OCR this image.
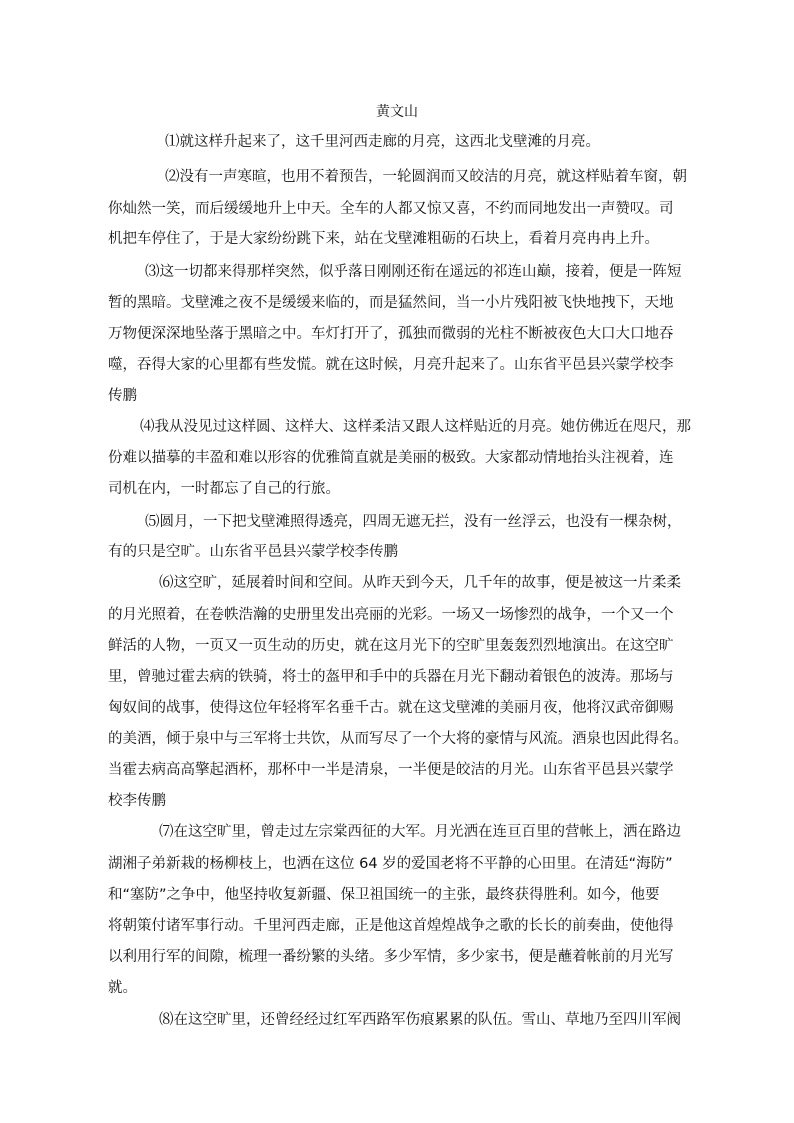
黄文山
⑴就这样升起来了，这千里河西走廊的月亮，这西北戈壁滩的月亮。
⑵没有一声寒暄，也用不着预告，一轮圆润而又皎洁的月亮，就这样贴着车窗，朝
你灿然一笑，而后缓缓地升上中天。全车的人都又惊又喜，不约而同地发出一声赞叹。司
机把车停住了，于是大家纷纷跳下来，站在戈壁滩粗砺的石块上，看着月亮冉冉上升。
⑶这一切都来得那样突然，似乎落日刚刚还衔在遥远的祁连山巅，接着，便是一阵短
暂的黑暗。戈壁滩之夜不是缓缓来临的，而是猛然间，当一小片残阳被飞快地拽下，天地
万物便深深地坠落于黑暗之中。车灯打开了，孤独而微弱的光柱不断被夜色大口大口地吞
噬，吞得大家的心里都有些发慌。就在这时候，月亮升起来了。山东省平邑县兴蒙学校李
传鹏
⑷我从没见过这样圆、这样大、这样柔洁又跟人这样贴近的月亮。她仿佛近在咫尺，那
份难以描摹的丰盈和难以形容的优雅简直就是美丽的极致。大家都动情地抬头注视着，连
司机在内，一时都忘了自己的行旅。
⑸圆月，一下把戈壁滩照得透亮，四周无遮无拦，没有一丝浮云，也没有一棵杂树，
有的只是空旷。山东省平邑县兴蒙学校李传鹏
⑹这空旷，延展着时间和空间。从昨天到今天，几千年的故事，便是被这一片柔柔
的月光照着，在卷帙浩瀚的史册里发出亮丽的光彩。一场又一场惨烈的战争，一个又一个
鲜活的人物，一页又一页生动的历史，就在这月光下的空旷里轰轰烈烈地演出。在这空旷
里，曾驰过霍去病的铁骑，将士的盔甲和手中的兵器在月光下翻动着银色的波涛。那场与
匈奴间的战事，使得这位年轻将军名垂千古。就在这戈壁滩的美丽月夜，他将汉武帝御赐
的美酒，倾于泉中与三军将士共饮，从而写尽了一个大将的豪情与风流。酒泉也因此得名。
当霍去病高高擎起酒杯，那杯中一半是清泉，一半便是皎洁的月光。山东省平邑县兴蒙学
校李传鹏
⑺在这空旷里，曾走过左宗棠西征的大军。月光洒在连亘百里的营帐上，洒在路边
湖湘子弟新栽的杨柳枝上，也洒在这位 64 岁的爱国老将不平静的心田里。在清廷“海防”
和“塞防”之争中，他坚持收复新疆、保卫祖国统一的主张，最终获得胜利。如今，他要
将朝策付诸军事行动。千里河西走廊，正是他这首煌煌战争之歌的长长的前奏曲，使他得
以利用行军的间隙，梳理一番纷繁的头绪。多少军情，多少家书，便是蘸着帐前的月光写
就。
⑻在这空旷里，还曾经经过红军西路军伤痕累累的队伍。雪山、草地乃至四川军阀
